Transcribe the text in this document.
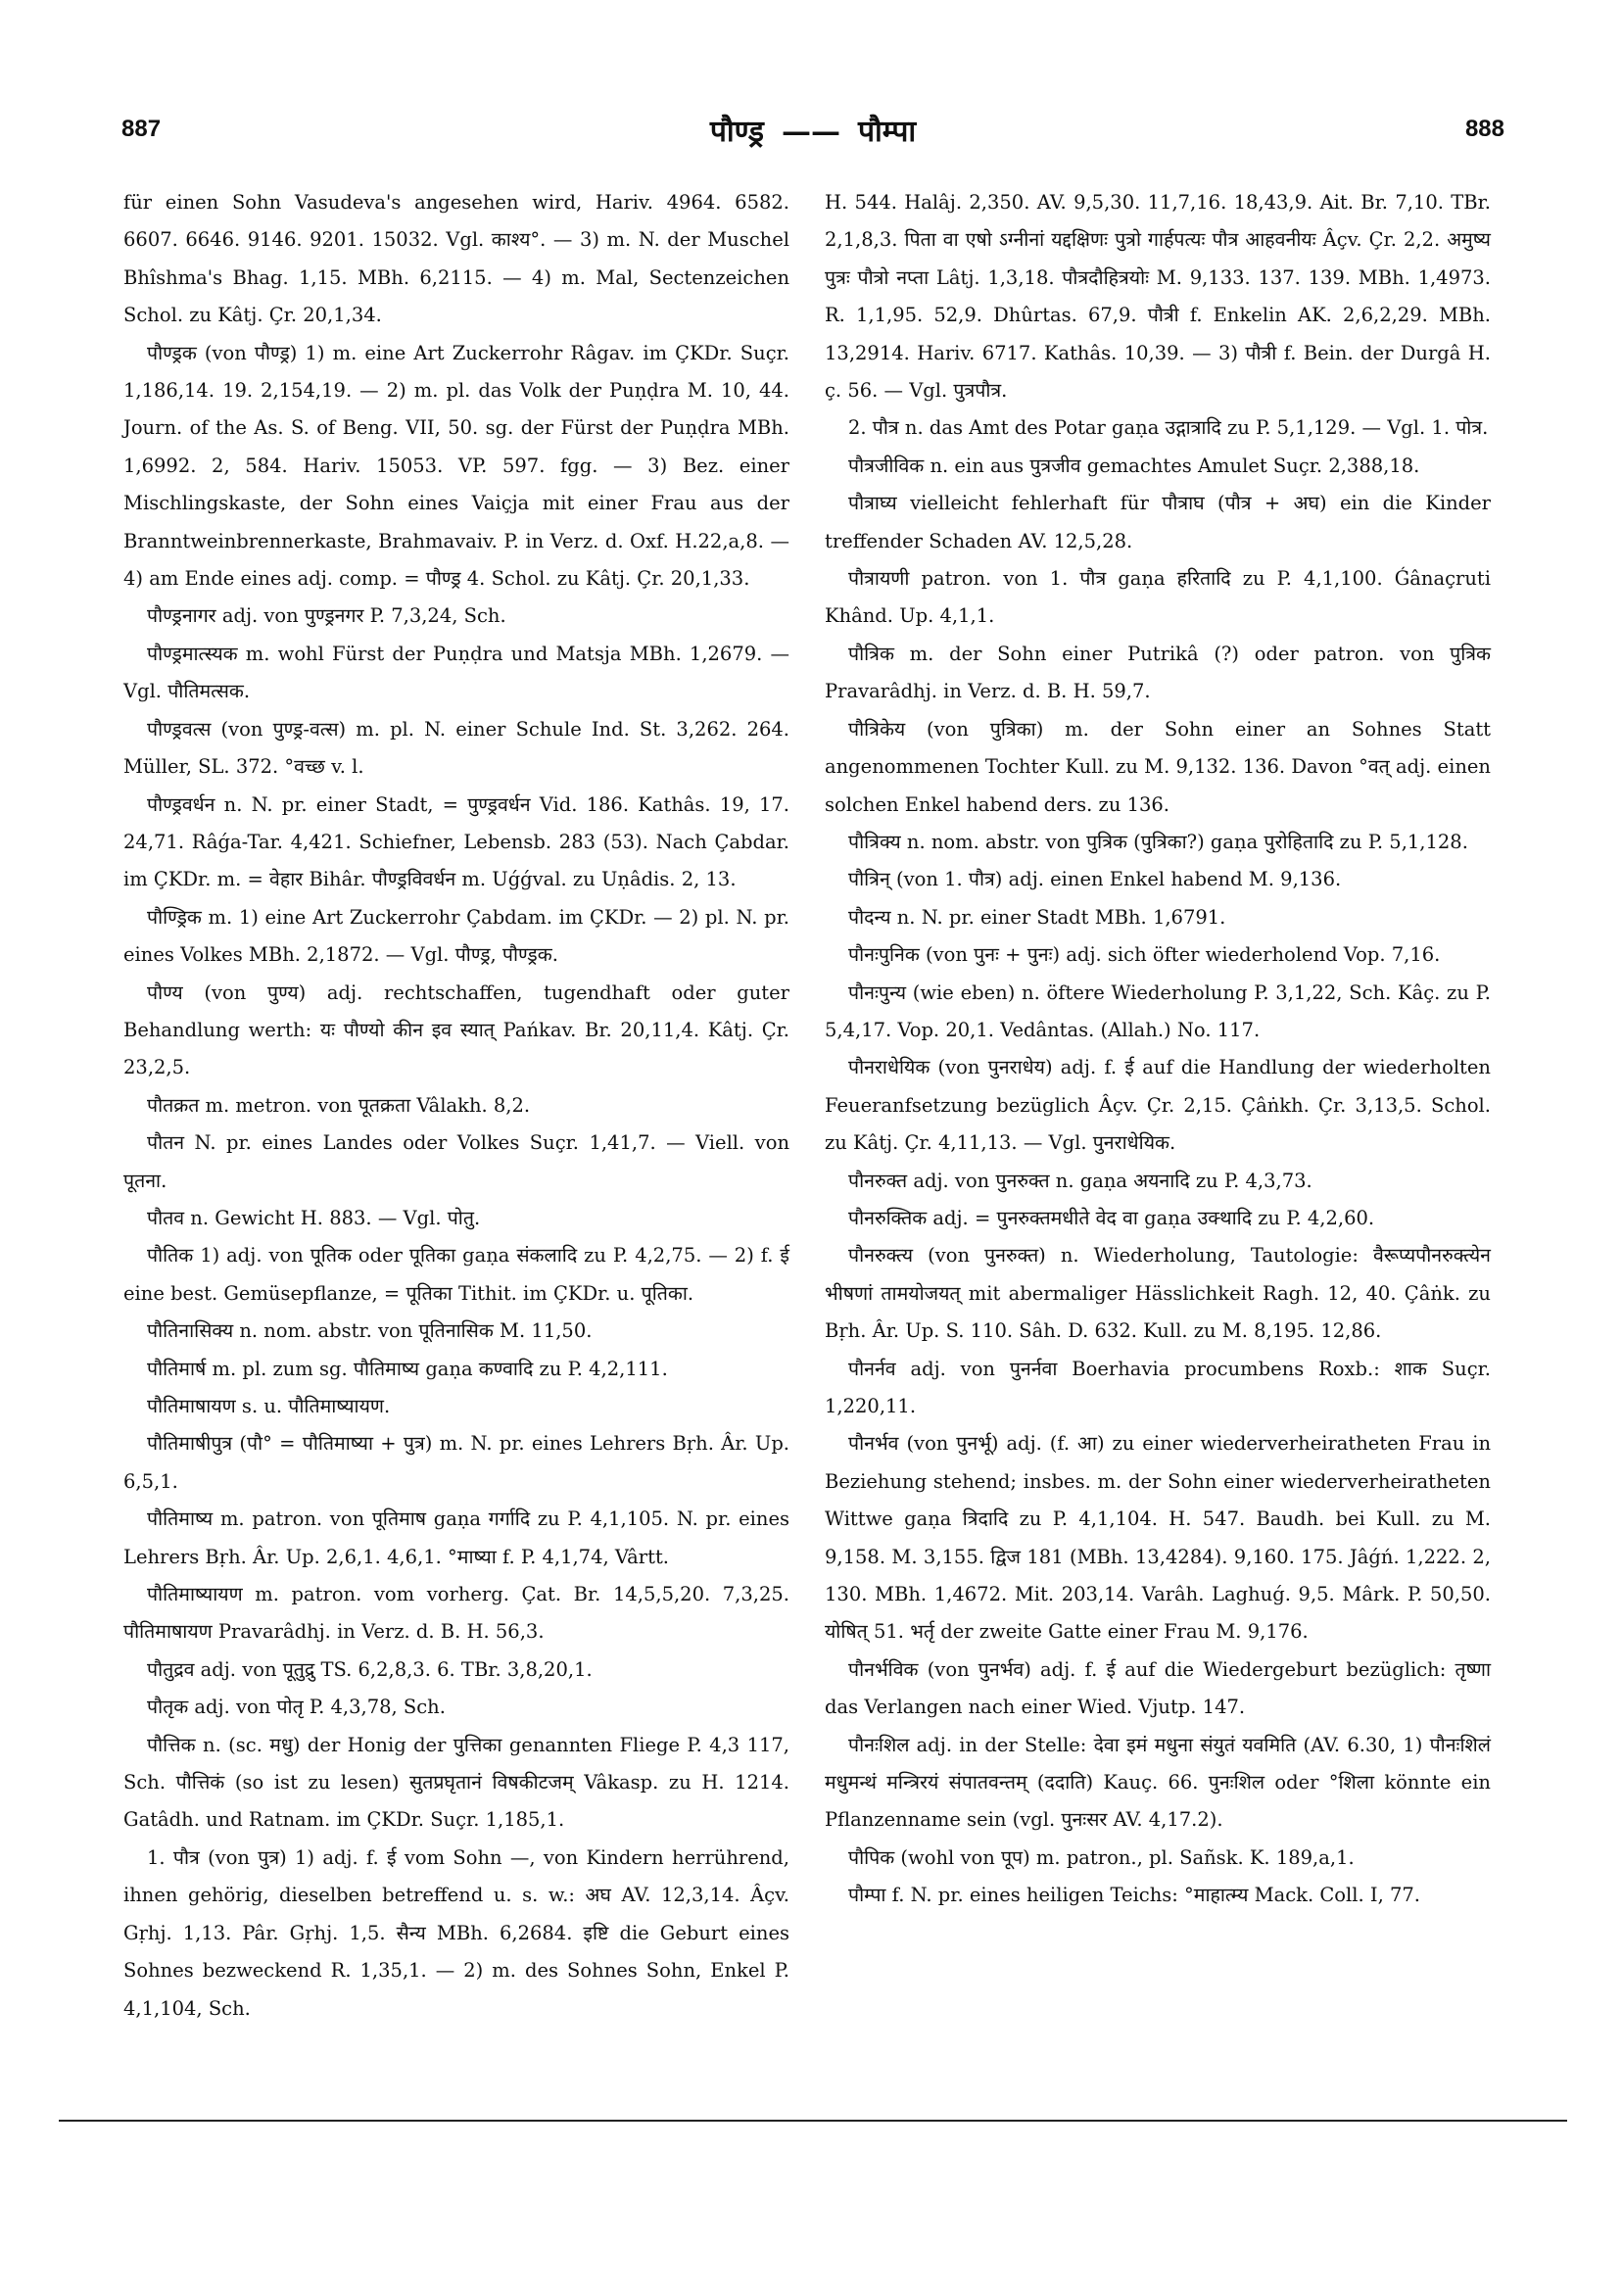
887	पौण्ड्र —— पौम्पा	888

für einen Sohn Vasudeva's angesehen wird, Hariv. 4964. 6582. 6607. 6646. 9146. 9201. 15032. Vgl. काश्य°. — 3) m. N. der Muschel Bhîshma's Bhag. 1,15. MBh. 6,2115. — 4) m. Mal, Sectenzeichen Schol. zu Kâtj. Çr. 20,1,34.

पौण्ड्रक (von पौण्ड्र) 1) m. eine Art Zuckerrohr Râgav. im ÇKDr. Suçr. 1,186,14. 19. 2,154,19. — 2) m. pl. das Volk der Puṇḍra M. 10, 44. Journ. of the As. S. of Beng. VII, 50. sg. der Fürst der Puṇḍra MBh. 1,6992. 2, 584. Hariv. 15053. VP. 597. fgg. — 3) Bez. einer Mischlingskaste, der Sohn eines Vaiçja mit einer Frau aus der Branntweinbrennerkaste, Brahmavaiv. P. in Verz. d. Oxf. H.22,a,8. — 4) am Ende eines adj. comp. = पौण्ड्र 4. Schol. zu Kâtj. Çr. 20,1,33.

पौण्ड्रनागर adj. von पुण्ड्रनगर P. 7,3,24, Sch.

पौण्ड्रमात्स्यक m. wohl Fürst der Puṇḍra und Matsja MBh. 1,2679. — Vgl. पौतिमत्सक.

पौण्ड्रवत्स (von पुण्ड्र-वत्स) m. pl. N. einer Schule Ind. St. 3,262. 264. Müller, SL. 372. °वच्छ v. l.

पौण्ड्रवर्धन n. N. pr. einer Stadt, = पुण्ड्रवर्धन Vid. 186. Kathâs. 19, 17. 24,71. Râǵa-Tar. 4,421. Schiefner, Lebensb. 283 (53). Nach Çabdar. im ÇKDr. m. = वेहार Bihâr. पौण्ड्रविवर्धन m. Uǵǵval. zu Uṇâdis. 2, 13.

पौण्ड्रिक m. 1) eine Art Zuckerrohr Çabdam. im ÇKDr. — 2) pl. N. pr. eines Volkes MBh. 2,1872. — Vgl. पौण्ड्र, पौण्ड्रक.

पौण्य (von पुण्य) adj. rechtschaffen, tugendhaft oder guter Behandlung werth: यः पौण्यो कीन इव स्यात् Pańkav. Br. 20,11,4. Kâtj. Çr. 23,2,5.

पौतक्रत m. metron. von पूतक्रता Vâlakh. 8,2.

पौतन N. pr. eines Landes oder Volkes Suçr. 1,41,7. — Viell. von पूतना.

पौतव n. Gewicht H. 883. — Vgl. पोतु.

पौतिक 1) adj. von पूतिक oder पूतिका gaṇa संकलादि zu P. 4,2,75. — 2) f. ई eine best. Gemüsepflanze, = पूतिका Tithit. im ÇKDr. u. पूतिका.

पौतिनासिक्य n. nom. abstr. von पूतिनासिक M. 11,50.

पौतिमार्ष m. pl. zum sg. पौतिमाष्य gaṇa कण्वादि zu P. 4,2,111.

पौतिमाषायण s. u. पौतिमाष्यायण.

पौतिमाषीपुत्र (पौ° = पौतिमाष्या + पुत्र) m. N. pr. eines Lehrers Bṛh. Âr. Up. 6,5,1.

पौतिमाष्य m. patron. von पूतिमाष gaṇa गर्गादि zu P. 4,1,105. N. pr. eines Lehrers Bṛh. Âr. Up. 2,6,1. 4,6,1. °माष्या f. P. 4,1,74, Vârtt.

पौतिमाष्यायण m. patron. vom vorherg. Çat. Br. 14,5,5,20. 7,3,25. पौतिमाषायण Pravarâdhj. in Verz. d. B. H. 56,3.

पौतुद्रव adj. von पूतुद्रु TS. 6,2,8,3. 6. TBr. 3,8,20,1.

पौतृक adj. von पोतृ P. 4,3,78, Sch.

पौत्तिक n. (sc. मधु) der Honig der पुत्तिका genannten Fliege P. 4,3 117, Sch. पौत्तिकं (so ist zu lesen) सुतप्रघृतानं विषकीटजम् Vâkasp. zu H. 1214. Gatâdh. und Ratnam. im ÇKDr. Suçr. 1,185,1.

1. पौत्र (von पुत्र) 1) adj. f. ई vom Sohn —, von Kindern herrührend, ihnen gehörig, dieselben betreffend u. s. w.: अघ AV. 12,3,14. Âçv. Gṛhj. 1,13. Pâr. Gṛhj. 1,5. सैन्य MBh. 6,2684. इष्टि die Geburt eines Sohnes bezweckend R. 1,35,1. — 2) m. des Sohnes Sohn, Enkel P. 4,1,104, Sch.

H. 544. Halâj. 2,350. AV. 9,5,30. 11,7,16. 18,43,9. Ait. Br. 7,10. TBr. 2,1,8,3. पिता वा एषो ऽग्नीनां यद्दक्षिणः पुत्रो गार्हपत्यः पौत्र आहवनीयः Âçv. Çr. 2,2. अमुष्य पुत्रः पौत्रो नप्ता Lâtj. 1,3,18. पौत्रदौहित्रयोः M. 9,133. 137. 139. MBh. 1,4973. R. 1,1,95. 52,9. Dhûrtas. 67,9. पौत्री f. Enkelin AK. 2,6,2,29. MBh. 13,2914. Hariv. 6717. Kathâs. 10,39. — 3) पौत्री f. Bein. der Durgâ H. ç. 56. — Vgl. पुत्रपौत्र.

2. पौत्र n. das Amt des Potar gaṇa उद्गात्रादि zu P. 5,1,129. — Vgl. 1. पोत्र.

पौत्रजीविक n. ein aus पुत्रजीव gemachtes Amulet Suçr. 2,388,18.

पौत्राघ्य vielleicht fehlerhaft für पौत्राघ (पौत्र + अघ) ein die Kinder treffender Schaden AV. 12,5,28.

पौत्रायणी patron. von 1. पौत्र gaṇa हरितादि zu P. 4,1,100. Ǵânaçruti Khând. Up. 4,1,1.

पौत्रिक m. der Sohn einer Putrikâ (?) oder patron. von पुत्रिक Pravarâdhj. in Verz. d. B. H. 59,7.

पौत्रिकेय (von पुत्रिका) m. der Sohn einer an Sohnes Statt angenommenen Tochter Kull. zu M. 9,132. 136. Davon °वत् adj. einen solchen Enkel habend ders. zu 136.

पौत्रिक्य n. nom. abstr. von पुत्रिक (पुत्रिका?) gaṇa पुरोहितादि zu P. 5,1,128.

पौत्रिन् (von 1. पौत्र) adj. einen Enkel habend M. 9,136.

पौदन्य n. N. pr. einer Stadt MBh. 1,6791.

पौनःपुनिक (von पुनः + पुनः) adj. sich öfter wiederholend Vop. 7,16.

पौनःपुन्य (wie eben) n. öftere Wiederholung P. 3,1,22, Sch. Kâç. zu P. 5,4,17. Vop. 20,1. Vedântas. (Allah.) No. 117.

पौनराधेयिक (von पुनराधेय) adj. f. ई auf die Handlung der wiederholten Feueranfsetzung bezüglich Âçv. Çr. 2,15. Çâṅkh. Çr. 3,13,5. Schol. zu Kâtj. Çr. 4,11,13. — Vgl. पुनराधेयिक.

पौनरुक्त adj. von पुनरुक्त n. gaṇa अयनादि zu P. 4,3,73.

पौनरुक्तिक adj. = पुनरुक्तमधीते वेद वा gaṇa उक्थादि zu P. 4,2,60.

पौनरुक्त्य (von पुनरुक्त) n. Wiederholung, Tautologie: वैरूप्यपौनरुक्त्येन भीषणां तामयोजयत् mit abermaliger Hässlichkeit Ragh. 12, 40. Çâṅk. zu Bṛh. Âr. Up. S. 110. Sâh. D. 632. Kull. zu M. 8,195. 12,86.

पौनर्नव adj. von पुनर्नवा Boerhavia procumbens Roxb.: शाक Suçr. 1,220,11.

पौनर्भव (von पुनर्भू) adj. (f. आ) zu einer wiederverheiratheten Frau in Beziehung stehend; insbes. m. der Sohn einer wiederverheiratheten Wittwe gaṇa त्रिदादि zu P. 4,1,104. H. 547. Baudh. bei Kull. zu M. 9,158. M. 3,155. द्विज 181 (MBh. 13,4284). 9,160. 175. Jâǵń. 1,222. 2, 130. MBh. 1,4672. Mit. 203,14. Varâh. Laghuǵ. 9,5. Mârk. P. 50,50. योषित् 51. भर्तृ der zweite Gatte einer Frau M. 9,176.

पौनर्भविक (von पुनर्भव) adj. f. ई auf die Wiedergeburt bezüglich: तृष्णा das Verlangen nach einer Wied. Vjutp. 147.

पौनःशिल adj. in der Stelle: देवा इमं मधुना संयुतं यवमिति (AV. 6.30, 1) पौनःशिलं मधुमन्थं मन्त्रिरयं संपातवन्तम् (ददाति) Kauç. 66. पुनःशिल oder °शिला könnte ein Pflanzenname sein (vgl. पुनःसर AV. 4,17.2).

पौपिक (wohl von पूप) m. patron., pl. Sañsk. K. 189,a,1.

पौम्पा f. N. pr. eines heiligen Teichs: °माहात्म्य Mack. Coll. I, 77.
